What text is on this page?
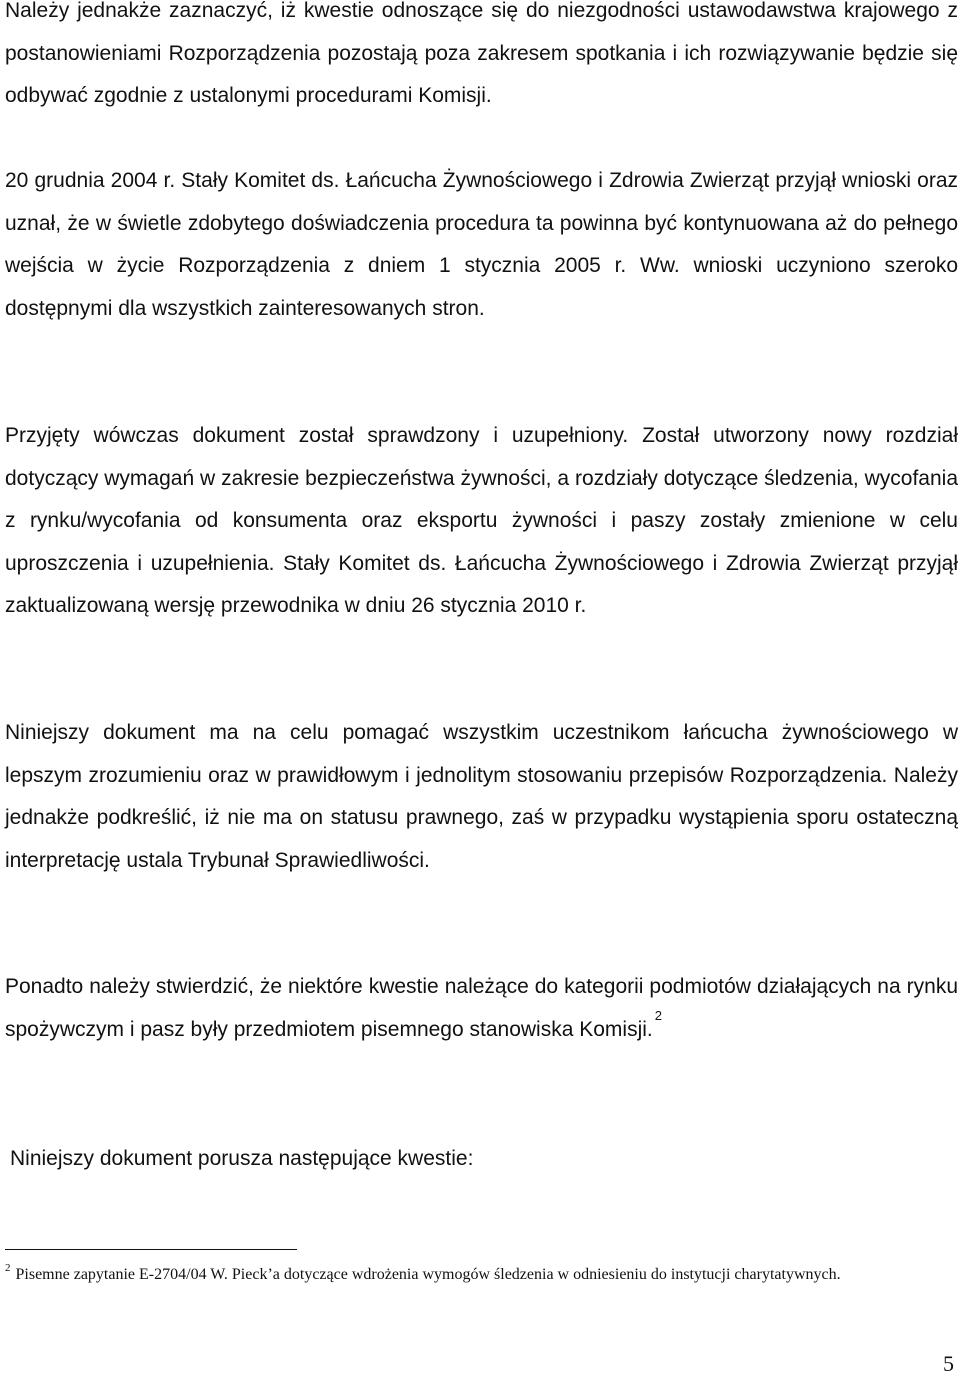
Należy jednakże zaznaczyć, iż kwestie odnoszące się do niezgodności ustawodawstwa krajowego z postanowieniami Rozporządzenia pozostają poza zakresem spotkania i ich rozwiązywanie będzie się odbywać zgodnie z ustalonymi procedurami Komisji.

20 grudnia 2004 r. Stały Komitet ds. Łańcucha Żywnościowego i Zdrowia Zwierząt przyjął wnioski oraz uznał, że w świetle zdobytego doświadczenia procedura ta powinna być kontynuowana aż do pełnego wejścia w życie Rozporządzenia z dniem 1 stycznia 2005 r. Ww. wnioski uczyniono szeroko dostępnymi dla wszystkich zainteresowanych stron.

Przyjęty wówczas dokument został sprawdzony i uzupełniony. Został utworzony nowy rozdział dotyczący wymagań w zakresie bezpieczeństwa żywności, a rozdziały dotyczące śledzenia, wycofania z rynku/wycofania od konsumenta oraz eksportu żywności i paszy zostały zmienione w celu uproszczenia i uzupełnienia. Stały Komitet ds. Łańcucha Żywnościowego i Zdrowia Zwierząt przyjął zaktualizowaną wersję przewodnika w dniu 26 stycznia 2010 r.

Niniejszy dokument ma na celu pomagać wszystkim uczestnikom łańcucha żywnościowego w lepszym zrozumieniu oraz w prawidłowym i jednolitym stosowaniu przepisów Rozporządzenia. Należy jednakże podkreślić, iż nie ma on statusu prawnego, zaś w przypadku wystąpienia sporu ostateczną interpretację ustala Trybunał Sprawiedliwości.

Ponadto należy stwierdzić, że niektóre kwestie należące do kategorii podmiotów działających na rynku spożywczym i pasz były przedmiotem pisemnego stanowiska Komisji.$^2$

Niniejszy dokument porusza następujące kwestie:

$^2$ Pisemne zapytanie E-2704/04 W. Pieck’a dotyczące wdrożenia wymogów śledzenia w odniesieniu do instytucji charytatywnych.

5
